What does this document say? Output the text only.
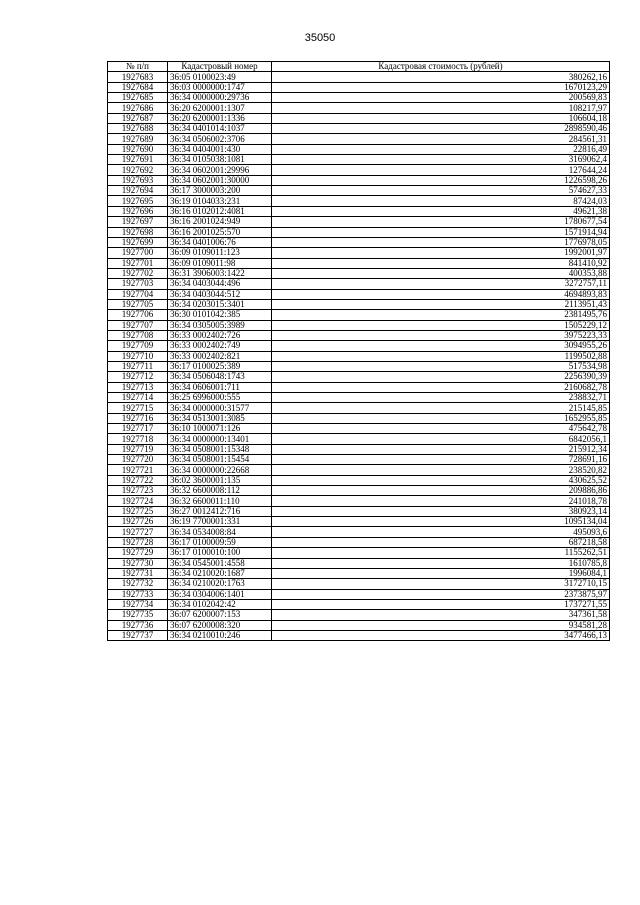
35050
№ п/п	Кадастровый номер	Кадастровая стоимость (рублей)
1927683	36:05 0100023:49	380262,16
1927684	36:03 0000000:1747	1670123,29
1927685	36:34 0000000:29736	200569,83
1927686	36:20 6200001:1307	108217,97
1927687	36:20 6200001:1336	106604,18
1927688	36:34 0401014:1037	2898590,46
1927689	36:34 0506002:3706	284561,31
1927690	36:34 0404001:430	22816,49
1927691	36:34 0105038:1081	3169062,4
1927692	36:34 0602001:29996	127644,24
1927693	36:34 0602001:30000	1226598,26
1927694	36:17 3000003:200	574627,33
1927695	36:19 0104033:231	87424,03
1927696	36:16 0102012:4081	49621,38
1927697	36:16 2001024:949	1780677,54
1927698	36:16 2001025:570	1571914,94
1927699	36:34 0401006:76	1776978,05
1927700	36:09 0109011:123	1992001,97
1927701	36:09 0109011:98	841410,92
1927702	36:31 3906003:1422	400353,88
1927703	36:34 0403044:496	3272757,11
1927704	36:34 0403044:512	4694893,83
1927705	36:34 0203015:3401	2113951,43
1927706	36:30 0101042:385	2381495,76
1927707	36:34 0305005:3989	1505229,12
1927708	36:33 0002402:726	3975223,33
1927709	36:33 0002402:749	3094955,26
1927710	36:33 0002402:821	1199502,88
1927711	36:17 0100025:389	517534,98
1927712	36:34 0506048:1743	2256390,39
1927713	36:34 0606001:711	2160682,78
1927714	36:25 6996000:555	238832,71
1927715	36:34 0000000:31577	215145,85
1927716	36:34 0513001:3085	1652955,85
1927717	36:10 1000071:126	475642,78
1927718	36:34 0000000:13401	6842056,1
1927719	36:34 0508001:15348	215912,34
1927720	36:34 0508001:15454	728691,16
1927721	36:34 0000000:22668	238520,82
1927722	36:02 3600001:135	430625,52
1927723	36:32 6600008:112	209886,86
1927724	36:32 6600011:110	241018,78
1927725	36:27 0012412:716	380923,14
1927726	36:19 7700001:331	1095134,04
1927727	36:34 0534008:84	495093,6
1927728	36:17 0100009:59	687218,58
1927729	36:17 0100010:100	1155262,51
1927730	36:34 0545001:4558	1610785,8
1927731	36:34 0210020:1687	1996084,1
1927732	36:34 0210020:1763	3172710,15
1927733	36:34 0304006:1401	2373875,97
1927734	36:34 0102042:42	1737271,55
1927735	36:07 6200007:153	347361,58
1927736	36:07 6200008:320	934581,28
1927737	36:34 0210010:246	3477466,13
